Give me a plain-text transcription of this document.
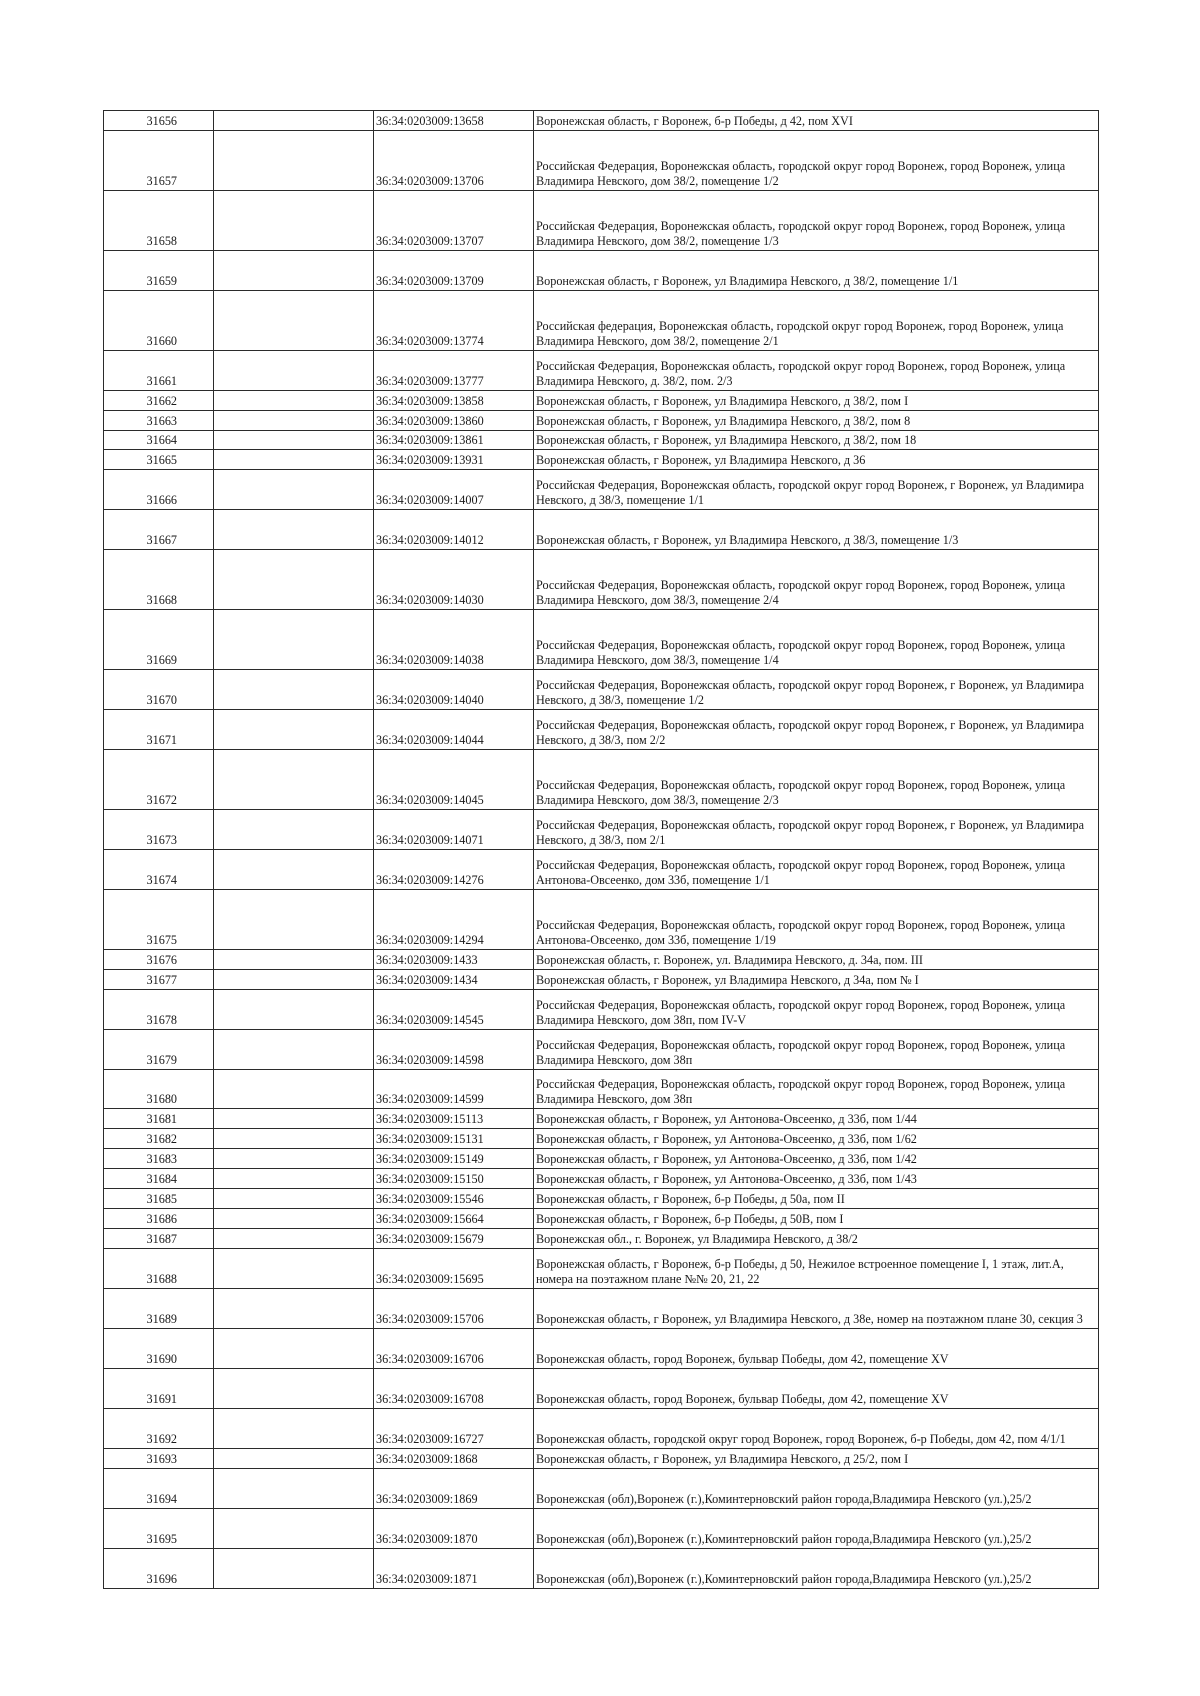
31656		36:34:0203009:13658	Воронежская область, г Воронеж, б-р Победы, д 42, пом XVI
31657		36:34:0203009:13706	Российская Федерация, Воронежская область, городской округ город Воронеж, город Воронеж, улица Владимира Невского, дом 38/2, помещение 1/2
31658		36:34:0203009:13707	Российская Федерация, Воронежская область, городской округ город Воронеж, город Воронеж, улица Владимира Невского, дом 38/2, помещение 1/3
31659		36:34:0203009:13709	Воронежская область, г Воронеж, ул Владимира Невского, д 38/2, помещение 1/1
31660		36:34:0203009:13774	Российская федерация, Воронежская область, городской округ город Воронеж, город Воронеж, улица Владимира Невского, дом 38/2, помещение 2/1
31661		36:34:0203009:13777	Российская Федерация, Воронежская область, городской округ город Воронеж, город Воронеж, улица Владимира Невского, д. 38/2, пом. 2/3
31662		36:34:0203009:13858	Воронежская область, г Воронеж, ул Владимира Невского, д 38/2, пом I
31663		36:34:0203009:13860	Воронежская область, г Воронеж, ул Владимира Невского, д 38/2, пом 8
31664		36:34:0203009:13861	Воронежская область, г Воронеж, ул Владимира Невского, д 38/2, пом 18
31665		36:34:0203009:13931	Воронежская область, г Воронеж, ул Владимира Невского, д 36
31666		36:34:0203009:14007	Российская Федерация, Воронежская область, городской округ город Воронеж, г Воронеж, ул Владимира Невского, д 38/3, помещение 1/1
31667		36:34:0203009:14012	Воронежская область, г Воронеж, ул Владимира Невского, д 38/3, помещение 1/3
31668		36:34:0203009:14030	Российская Федерация, Воронежская область, городской округ город Воронеж, город Воронеж, улица Владимира Невского, дом 38/3, помещение 2/4
31669		36:34:0203009:14038	Российская Федерация, Воронежская область, городской округ город Воронеж, город Воронеж, улица Владимира Невского, дом 38/3, помещение 1/4
31670		36:34:0203009:14040	Российская Федерация, Воронежская область, городской округ город Воронеж, г Воронеж, ул Владимира Невского, д 38/3, помещение 1/2
31671		36:34:0203009:14044	Российская Федерация, Воронежская область, городской округ город Воронеж, г Воронеж, ул Владимира Невского, д 38/3, пом 2/2
31672		36:34:0203009:14045	Российская Федерация, Воронежская область, городской округ город Воронеж, город Воронеж, улица Владимира Невского, дом 38/3, помещение 2/3
31673		36:34:0203009:14071	Российская Федерация, Воронежская область, городской округ город Воронеж, г Воронеж, ул Владимира Невского, д 38/3, пом 2/1
31674		36:34:0203009:14276	Российская Федерация, Воронежская область, городской округ город Воронеж, город Воронеж, улица Антонова-Овсеенко, дом 33б, помещение 1/1
31675		36:34:0203009:14294	Российская Федерация, Воронежская область, городской округ город Воронеж, город Воронеж, улица Антонова-Овсеенко, дом 33б, помещение 1/19
31676		36:34:0203009:1433	Воронежская область, г. Воронеж, ул. Владимира Невского, д. 34а, пом. III
31677		36:34:0203009:1434	Воронежская область, г Воронеж, ул Владимира Невского, д 34а, пом № I
31678		36:34:0203009:14545	Российская Федерация, Воронежская область, городской округ город Воронеж, город Воронеж, улица Владимира Невского, дом 38п, пом IV-V
31679		36:34:0203009:14598	Российская Федерация, Воронежская область, городской округ город Воронеж, город Воронеж, улица Владимира Невского, дом 38п
31680		36:34:0203009:14599	Российская Федерация, Воронежская область, городской округ город Воронеж, город Воронеж, улица Владимира Невского, дом 38п
31681		36:34:0203009:15113	Воронежская область, г Воронеж, ул Антонова-Овсеенко, д 33б, пом 1/44
31682		36:34:0203009:15131	Воронежская область, г Воронеж, ул Антонова-Овсеенко, д 33б, пом 1/62
31683		36:34:0203009:15149	Воронежская область, г Воронеж, ул Антонова-Овсеенко, д 33б, пом 1/42
31684		36:34:0203009:15150	Воронежская область, г Воронеж, ул Антонова-Овсеенко, д 33б, пом 1/43
31685		36:34:0203009:15546	Воронежская область, г Воронеж, б-р Победы, д 50а, пом II
31686		36:34:0203009:15664	Воронежская область, г Воронеж, б-р Победы, д 50В, пом I
31687		36:34:0203009:15679	Воронежская обл., г. Воронеж, ул Владимира Невского, д 38/2
31688		36:34:0203009:15695	Воронежская область, г Воронеж, б-р Победы, д 50, Нежилое встроенное помещение I, 1 этаж, лит.А, номера на поэтажном плане №№ 20, 21, 22
31689		36:34:0203009:15706	Воронежская область, г Воронеж, ул Владимира Невского, д 38е, номер на поэтажном плане 30, секция 3
31690		36:34:0203009:16706	Воронежская область, город Воронеж, бульвар Победы, дом 42, помещение XV
31691		36:34:0203009:16708	Воронежская область, город Воронеж, бульвар Победы, дом 42, помещение XV
31692		36:34:0203009:16727	Воронежская область, городской округ город Воронеж, город Воронеж, б-р Победы, дом 42, пом 4/1/1
31693		36:34:0203009:1868	Воронежская область, г Воронеж, ул Владимира Невского, д 25/2, пом I
31694		36:34:0203009:1869	Воронежская (обл),Воронеж (г.),Коминтерновский район города,Владимира Невского (ул.),25/2
31695		36:34:0203009:1870	Воронежская (обл),Воронеж (г.),Коминтерновский район города,Владимира Невского (ул.),25/2
31696		36:34:0203009:1871	Воронежская (обл),Воронеж (г.),Коминтерновский район города,Владимира Невского (ул.),25/2
